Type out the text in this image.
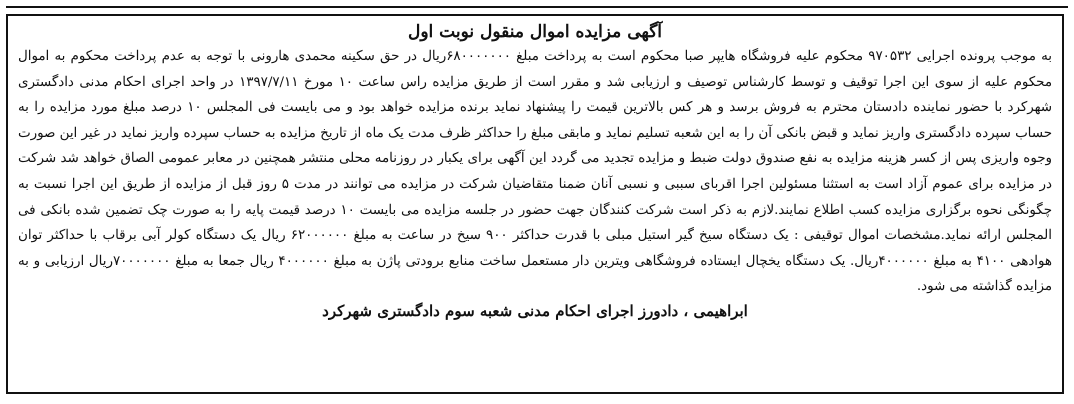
آگهی مزایده اموال منقول نوبت اول

به موجب پرونده اجرایی ۹۷۰۵۳۲ محکوم علیه فروشگاه هایپر صبا محکوم است به پرداخت مبلغ ۶۸۰۰۰۰۰۰۰ریال در حق سکینه محمدی هارونی با توجه به عدم پرداخت محکوم به اموال محکوم علیه از سوی این اجرا توقیف و توسط کارشناس توصیف و ارزیابی شد و مقرر است از طریق مزایده راس ساعت ۱۰ مورخ ۱۳۹۷/۷/۱۱ در واحد اجرای احکام مدنی دادگستری شهرکرد با حضور نماینده دادستان محترم به فروش برسد و هر کس بالاترین قیمت را پیشنهاد نماید برنده مزایده خواهد بود و می بایست فی المجلس ۱۰ درصد مبلغ مورد مزایده را به حساب سپرده دادگستری واریز نماید و قبض بانکی آن را به این شعبه تسلیم نماید و مابقی مبلغ را حداکثر ظرف مدت یک ماه از تاریخ مزایده به حساب سپرده واریز نماید در غیر این صورت وجوه واریزی پس از کسر هزینه مزایده به نفع صندوق دولت ضبط و مزایده تجدید می گردد این آگهی برای یکبار در روزنامه محلی منتشر همچنین در معابر عمومی الصاق خواهد شد شرکت در مزایده برای عموم آزاد است به استثنا مسئولین اجرا اقربای سببی و نسبی آنان ضمنا متقاضیان شرکت در مزایده می توانند در مدت ۵ روز قبل از مزایده از طریق این اجرا نسبت به چگونگی نحوه برگزاری مزایده کسب اطلاع نمایند.لازم به ذکر است شرکت کنندگان جهت حضور در جلسه مزایده می بایست ۱۰ درصد قیمت پایه را به صورت چک تضمین شده بانکی فی المجلس ارائه نماید.مشخصات اموال توقیفی : یک دستگاه سیخ گیر استیل مبلی با قدرت حداکثر ۹۰۰ سیخ در ساعت به مبلغ ۶۲۰۰۰۰۰۰ ریال یک دستگاه کولر آبی برقاب با حداکثر توان هوادهی ۴۱۰۰ به مبلغ ۴۰۰۰۰۰۰ریال. یک دستگاه یخچال ایستاده فروشگاهی ویترین دار مستعمل ساخت منابع برودتی پاژن به مبلغ ۴۰۰۰۰۰۰ ریال جمعا به مبلغ ۷۰۰۰۰۰۰۰ریال ارزیابی و به مزایده گذاشته می شود.

ابراهیمی ، دادورز اجرای احکام مدنی شعبه سوم دادگستری شهرکرد
